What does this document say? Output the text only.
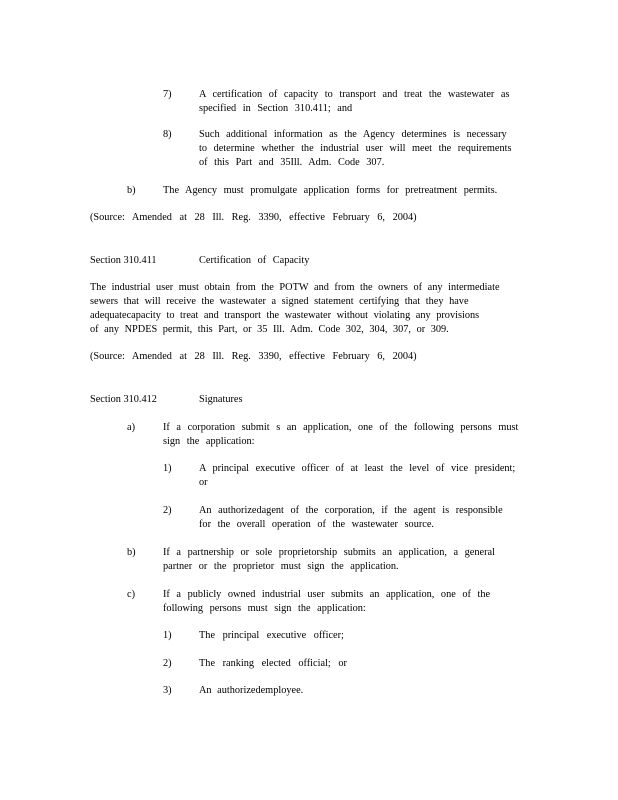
7)	A certification of capacity to transport and treat the wastewater as
specified in Section 310.411; and
8)	Such additional information as the Agency determines is necessary
to determine whether the industrial user will meet the requirements
of this Part and 35Ill. Adm. Code 307.
b)	The Agency must promulgate application forms for pretreatment permits.
(Source: Amended at 28 Ill. Reg. 3390, effective February 6, 2004)
Section 310.411	Certification of Capacity
The industrial user must obtain from the POTW and from the owners of any intermediate
sewers that will receive the wastewater a signed statement certifying that they have
adequatecapacity to treat and transport the wastewater without violating any provisions
of any NPDES permit, this Part, or 35 Ill. Adm. Code 302, 304, 307, or 309.
(Source: Amended at 28 Ill. Reg. 3390, effective February 6, 2004)
Section 310.412	Signatures
a)	If a corporation submit s an application, one of the following persons must
sign the application:
1)	A principal executive officer of at least the level of vice president;
or
2)	An authorizedagent of the corporation, if the agent is responsible
for the overall operation of the wastewater source.
b)	If a partnership or sole proprietorship submits an application, a general
partner or the proprietor must sign the application.
c)	If a publicly owned industrial user submits an application, one of the
following persons must sign the application:
1)	The principal executive officer;
2)	The ranking elected official; or
3)	An authorizedemployee.
